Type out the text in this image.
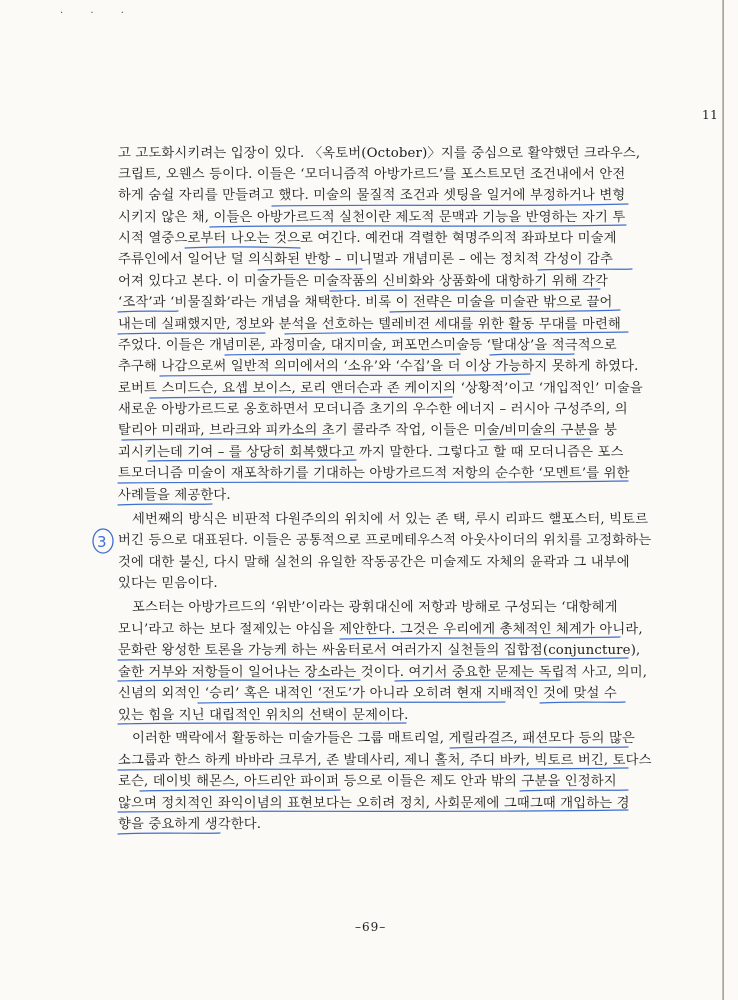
· · ·
11
고 고도화시키려는 입장이 있다. 〈옥토버(October)〉지를 중심으로 활약했던 크라우스,
크립트, 오웬스 등이다. 이들은 ‘모더니즘적 아방가르드’를 포스트모던 조건내에서 안전
하게 숨쉴 자리를 만들려고 했다. 미술의 물질적 조건과 셋팅을 일거에 부정하거나 변형
시키지 않은 채, 이들은 아방가르드적 실천이란 제도적 문맥과 기능을 반영하는 자기 투
시적 열중으로부터 나오는 것으로 여긴다. 예컨대 격렬한 혁명주의적 좌파보다 미술계
주류인에서 일어난 덜 의식화된 반항 – 미니멀과 개념미론 – 에는 정치적 각성이 감추
어져 있다고 본다. 이 미술가들은 미술작품의 신비화와 상품화에 대항하기 위해 각각
‘조작’과 ‘비물질화’라는 개념을 채택한다. 비록 이 전략은 미술을 미술관 밖으로 끌어
내는데 실패했지만, 정보와 분석을 선호하는 텔레비젼 세대를 위한 활동 무대를 마련해
주었다. 이들은 개념미론, 과정미술, 대지미술, 퍼포먼스미술등 ‘탈대상’을 적극적으로
추구해 나감으로써 일반적 의미에서의 ‘소유’와 ‘수집’을 더 이상 가능하지 못하게 하였다.
로버트 스미드슨, 요셉 보이스, 로리 앤더슨과 존 케이지의 ‘상황적’이고 ‘개입적인’ 미술을
새로운 아방가르드로 옹호하면서 모더니즘 초기의 우수한 에너지 – 러시아 구성주의, 의
탈리아 미래파, 브라크와 피카소의 초기 콜라주 작업, 이들은 미술/비미술의 구분을 붕
괴시키는데 기여 – 를 상당히 회복했다고 까지 말한다. 그렇다고 할 때 모더니즘은 포스
트모더니즘 미술이 재포착하기를 기대하는 아방가르드적 저항의 순수한 ‘모멘트’를 위한
사례들을 제공한다.
세번째의 방식은 비판적 다원주의의 위치에 서 있는 존 택, 루시 리파드 핼포스터, 빅토르
버긴 등으로 대표된다. 이들은 공통적으로 프로메테우스적 아웃사이더의 위치를 고정화하는
것에 대한 불신, 다시 말해 실천의 유일한 작동공간은 미술제도 자체의 윤곽과 그 내부에
있다는 믿음이다.
포스터는 아방가르드의 ‘위반’이라는 광휘대신에 저항과 방해로 구성되는 ‘대항헤게
모니’라고 하는 보다 절제있는 야심을 제안한다. 그것은 우리에게 총체적인 체계가 아니라,
문화란 왕성한 토론을 가능케 하는 싸움터로서 여러가지 실천들의 집합점(conjuncture),
술한 거부와 저항들이 일어나는 장소라는 것이다. 여기서 중요한 문제는 독립적 사고, 의미,
신념의 외적인 ‘승리’ 혹은 내적인 ‘전도’가 아니라 오히려 현재 지배적인 것에 맞설 수
있는 힘을 지닌 대립적인 위치의 선택이 문제이다.
이러한 맥락에서 활동하는 미술가들은 그룹 매트리얼, 게릴라걸즈, 패션모다 등의 많은
소그룹과 한스 하케 바바라 크루거, 존 발데사리, 제니 홀처, 주디 바카, 빅토르 버긴, 토다스
로슨, 데이빗 해몬스, 아드리안 파이퍼 등으로 이들은 제도 안과 밖의 구분을 인정하지
않으며 정치적인 좌익이념의 표현보다는 오히려 정치, 사회문제에 그때그때 개입하는 경
향을 중요하게 생각한다.
3
–69–
